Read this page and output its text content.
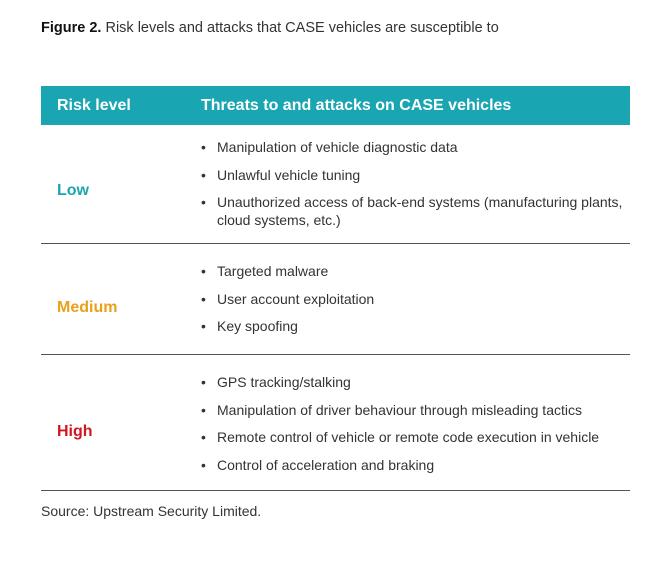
Figure 2. Risk levels and attacks that CASE vehicles are susceptible to
Risk level	Threats to and attacks on CASE vehicles
Low
• Manipulation of vehicle diagnostic data
• Unlawful vehicle tuning
• Unauthorized access of back-end systems (manufacturing plants, cloud systems, etc.)
Medium
• Targeted malware
• User account exploitation
• Key spoofing
High
• GPS tracking/stalking
• Manipulation of driver behaviour through misleading tactics
• Remote control of vehicle or remote code execution in vehicle
• Control of acceleration and braking
Source: Upstream Security Limited.
